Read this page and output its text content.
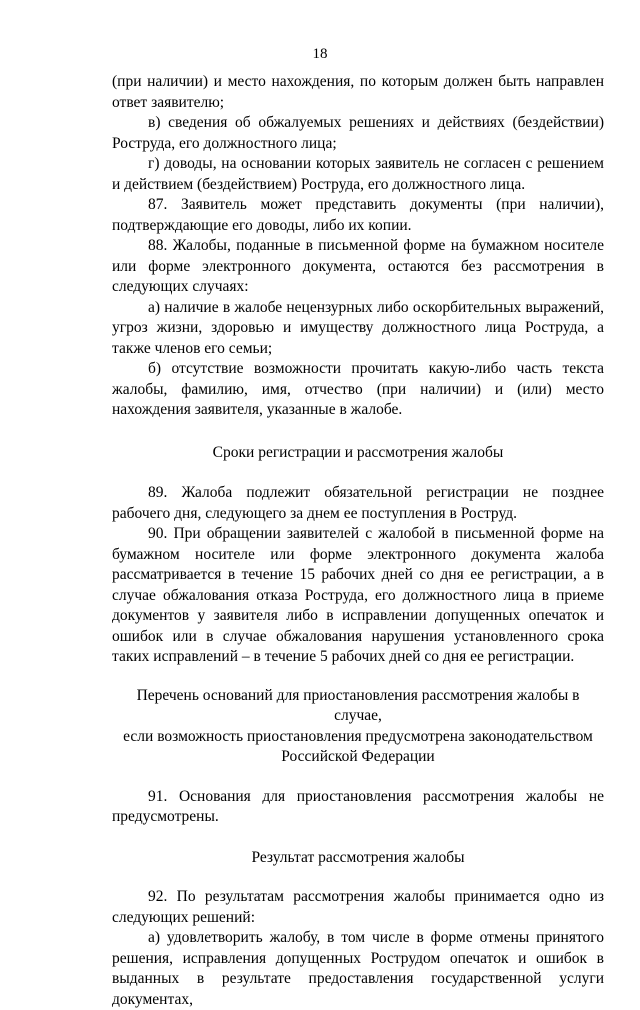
18

(при наличии) и место нахождения, по которым должен быть направлен ответ заявителю;

в) сведения об обжалуемых решениях и действиях (бездействии) Роструда, его должностного лица;

г) доводы, на основании которых заявитель не согласен с решением и действием (бездействием) Роструда, его должностного лица.

87. Заявитель может представить документы (при наличии), подтверждающие его доводы, либо их копии.

88. Жалобы, поданные в письменной форме на бумажном носителе или форме электронного документа, остаются без рассмотрения в следующих случаях:

а) наличие в жалобе нецензурных либо оскорбительных выражений, угроз жизни, здоровью и имуществу должностного лица Роструда, а также членов его семьи;

б) отсутствие возможности прочитать какую-либо часть текста жалобы, фамилию, имя, отчество (при наличии) и (или) место нахождения заявителя, указанные в жалобе.

Сроки регистрации и рассмотрения жалобы

89. Жалоба подлежит обязательной регистрации не позднее рабочего дня, следующего за днем ее поступления в Роструд.

90. При обращении заявителей с жалобой в письменной форме на бумажном носителе или форме электронного документа жалоба рассматривается в течение 15 рабочих дней со дня ее регистрации, а в случае обжалования отказа Роструда, его должностного лица в приеме документов у заявителя либо в исправлении допущенных опечаток и ошибок или в случае обжалования нарушения установленного срока таких исправлений – в течение 5 рабочих дней со дня ее регистрации.

Перечень оснований для приостановления рассмотрения жалобы в случае,

если возможность приостановления предусмотрена законодательством

Российской Федерации

91. Основания для приостановления рассмотрения жалобы не предусмотрены.

Результат рассмотрения жалобы

92. По результатам рассмотрения жалобы принимается одно из следующих решений:

а) удовлетворить жалобу, в том числе в форме отмены принятого решения, исправления допущенных Рострудом опечаток и ошибок в выданных в результате предоставления государственной услуги документах,
